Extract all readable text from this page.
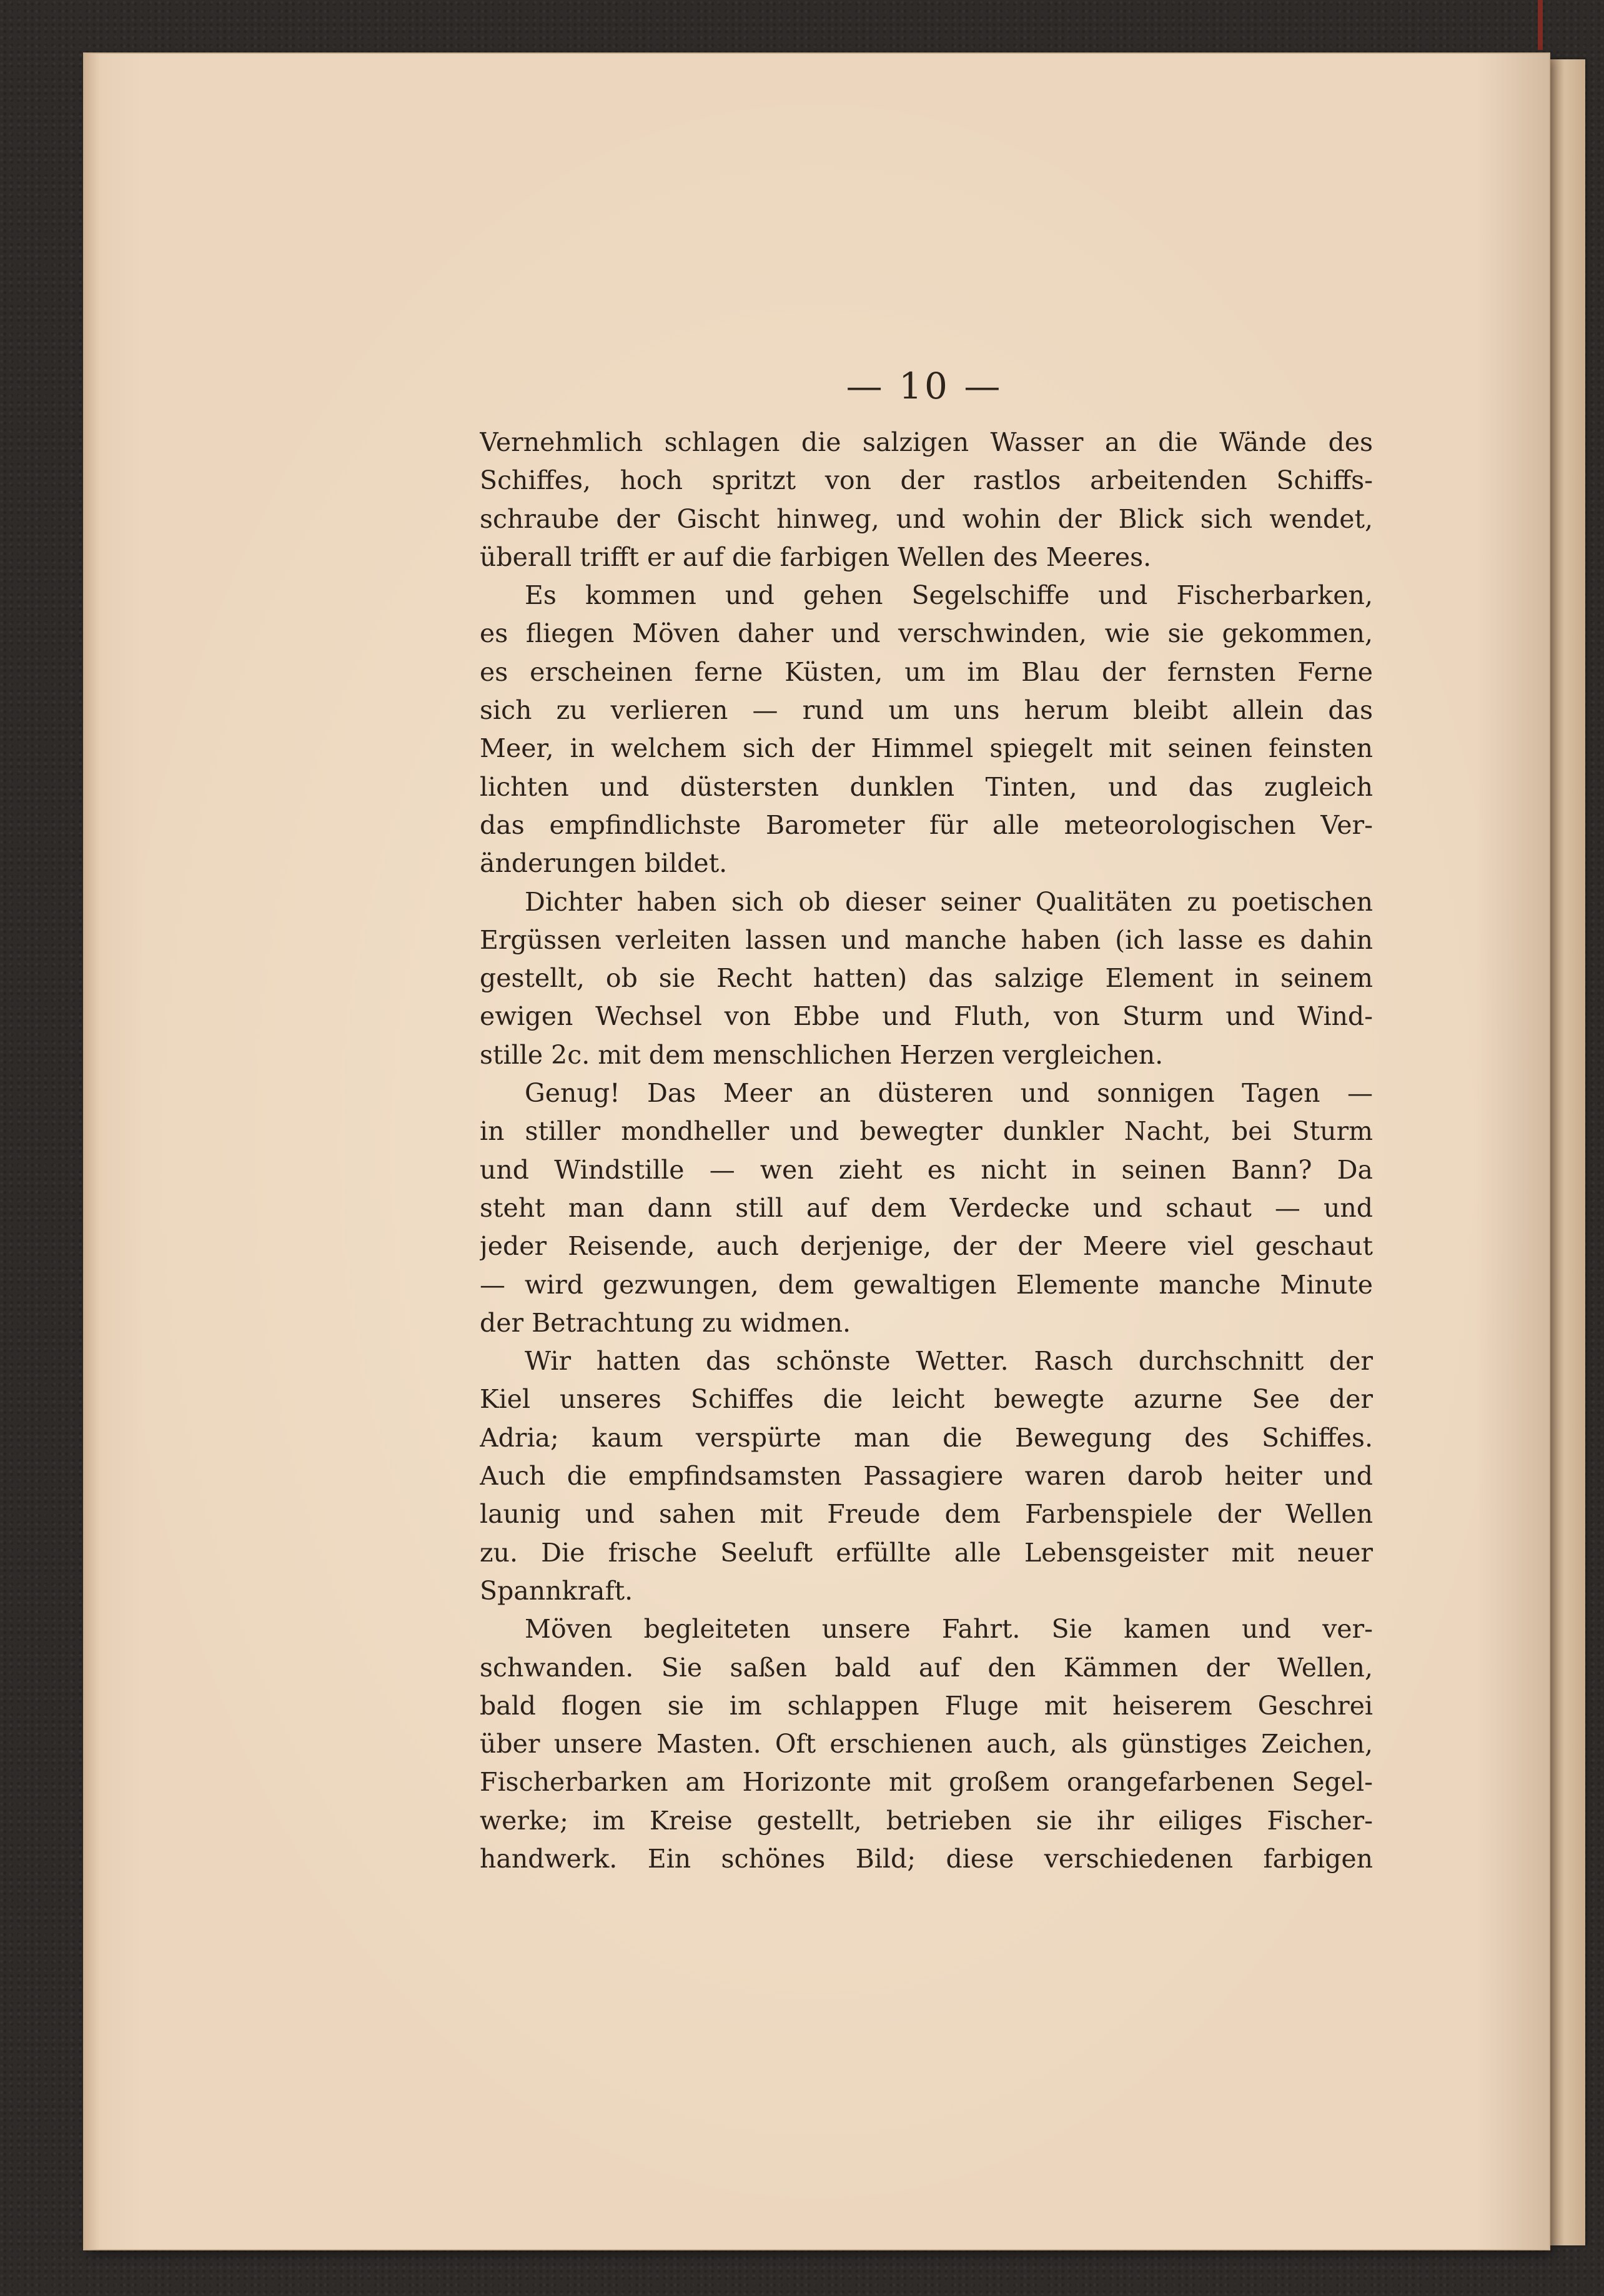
— 10 —
Vernehmlich schlagen die salzigen Wasser an die Wände des
Schiffes, hoch spritzt von der rastlos arbeitenden Schiffs-
schraube der Gischt hinweg, und wohin der Blick sich wendet,
überall trifft er auf die farbigen Wellen des Meeres.
Es kommen und gehen Segelschiffe und Fischerbarken,
es fliegen Möven daher und verschwinden, wie sie gekommen,
es erscheinen ferne Küsten, um im Blau der fernsten Ferne
sich zu verlieren — rund um uns herum bleibt allein das
Meer, in welchem sich der Himmel spiegelt mit seinen feinsten
lichten und düstersten dunklen Tinten, und das zugleich
das empfindlichste Barometer für alle meteorologischen Ver-
änderungen bildet.
Dichter haben sich ob dieser seiner Qualitäten zu poetischen
Ergüssen verleiten lassen und manche haben (ich lasse es dahin
gestellt, ob sie Recht hatten) das salzige Element in seinem
ewigen Wechsel von Ebbe und Fluth, von Sturm und Wind-
stille 2c. mit dem menschlichen Herzen vergleichen.
Genug! Das Meer an düsteren und sonnigen Tagen —
in stiller mondheller und bewegter dunkler Nacht, bei Sturm
und Windstille — wen zieht es nicht in seinen Bann? Da
steht man dann still auf dem Verdecke und schaut — und
jeder Reisende, auch derjenige, der der Meere viel geschaut
— wird gezwungen, dem gewaltigen Elemente manche Minute
der Betrachtung zu widmen.
Wir hatten das schönste Wetter. Rasch durchschnitt der
Kiel unseres Schiffes die leicht bewegte azurne See der
Adria; kaum verspürte man die Bewegung des Schiffes.
Auch die empfindsamsten Passagiere waren darob heiter und
launig und sahen mit Freude dem Farbenspiele der Wellen
zu. Die frische Seeluft erfüllte alle Lebensgeister mit neuer
Spannkraft.
Möven begleiteten unsere Fahrt. Sie kamen und ver-
schwanden. Sie saßen bald auf den Kämmen der Wellen,
bald flogen sie im schlappen Fluge mit heiserem Geschrei
über unsere Masten. Oft erschienen auch, als günstiges Zeichen,
Fischerbarken am Horizonte mit großem orangefarbenen Segel-
werke; im Kreise gestellt, betrieben sie ihr eiliges Fischer-
handwerk. Ein schönes Bild; diese verschiedenen farbigen
